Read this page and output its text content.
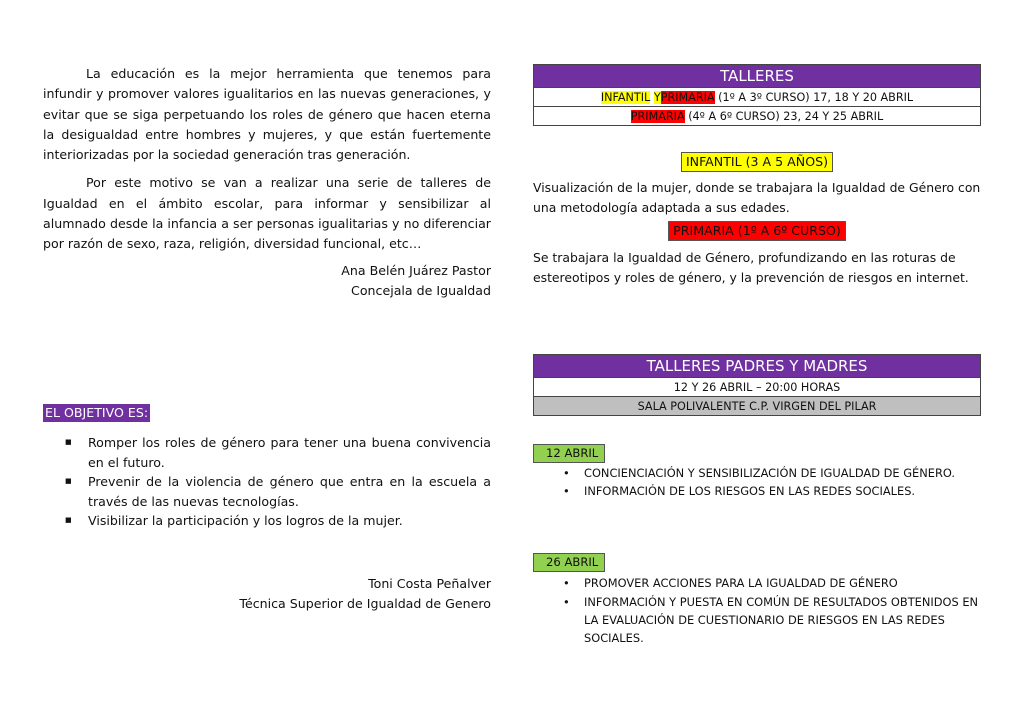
La educación es la mejor herramienta que tenemos para infundir y promover valores igualitarios en las nuevas generaciones, y evitar que se siga perpetuando los roles de género que hacen eterna la desigualdad entre hombres y mujeres, y que están fuertemente interiorizadas por la sociedad generación tras generación.

Por este motivo se van a realizar una serie de talleres de Igualdad en el ámbito escolar, para informar y sensibilizar al alumnado desde la infancia a ser personas igualitarias y no diferenciar por razón de sexo, raza, religión, diversidad funcional, etc…

Ana Belén Juárez Pastor
Concejala de Igualdad
EL OBJETIVO ES:
■ Romper los roles de género para tener una buena convivencia en el futuro.
■ Prevenir de la violencia de género que entra en la escuela a través de las nuevas tecnologías.
■ Visibilizar la participación y los logros de la mujer.
Toni Costa Peñalver
Técnica Superior de Igualdad de Genero
TALLERES
INFANTIL YPRIMARIA (1º A 3º CURSO) 17, 18 Y 20 ABRIL
PRIMARIA (4º A 6º CURSO) 23, 24 Y 25 ABRIL
INFANTIL (3 A 5 AÑOS)

Visualización de la mujer, donde se trabajara la Igualdad de Género con una metodología adaptada a sus edades.

PRIMARIA (1º A 6º CURSO)

Se trabajara la Igualdad de Género, profundizando en las roturas de estereotipos y roles de género, y la prevención de riesgos en internet.

TALLERES PADRES Y MADRES
12 Y 26 ABRIL – 20:00 HORAS
SALA POLIVALENTE C.P. VIRGEN DEL PILAR
12 ABRIL
• CONCIENCIACIÓN Y SENSIBILIZACIÓN DE IGUALDAD DE GÉNERO.
• INFORMACIÓN DE LOS RIESGOS EN LAS REDES SOCIALES.
26 ABRIL
• PROMOVER ACCIONES PARA LA IGUALDAD DE GÉNERO
• INFORMACIÓN Y PUESTA EN COMÚN DE RESULTADOS OBTENIDOS EN LA EVALUACIÓN DE CUESTIONARIO DE RIESGOS EN LAS REDES SOCIALES.
